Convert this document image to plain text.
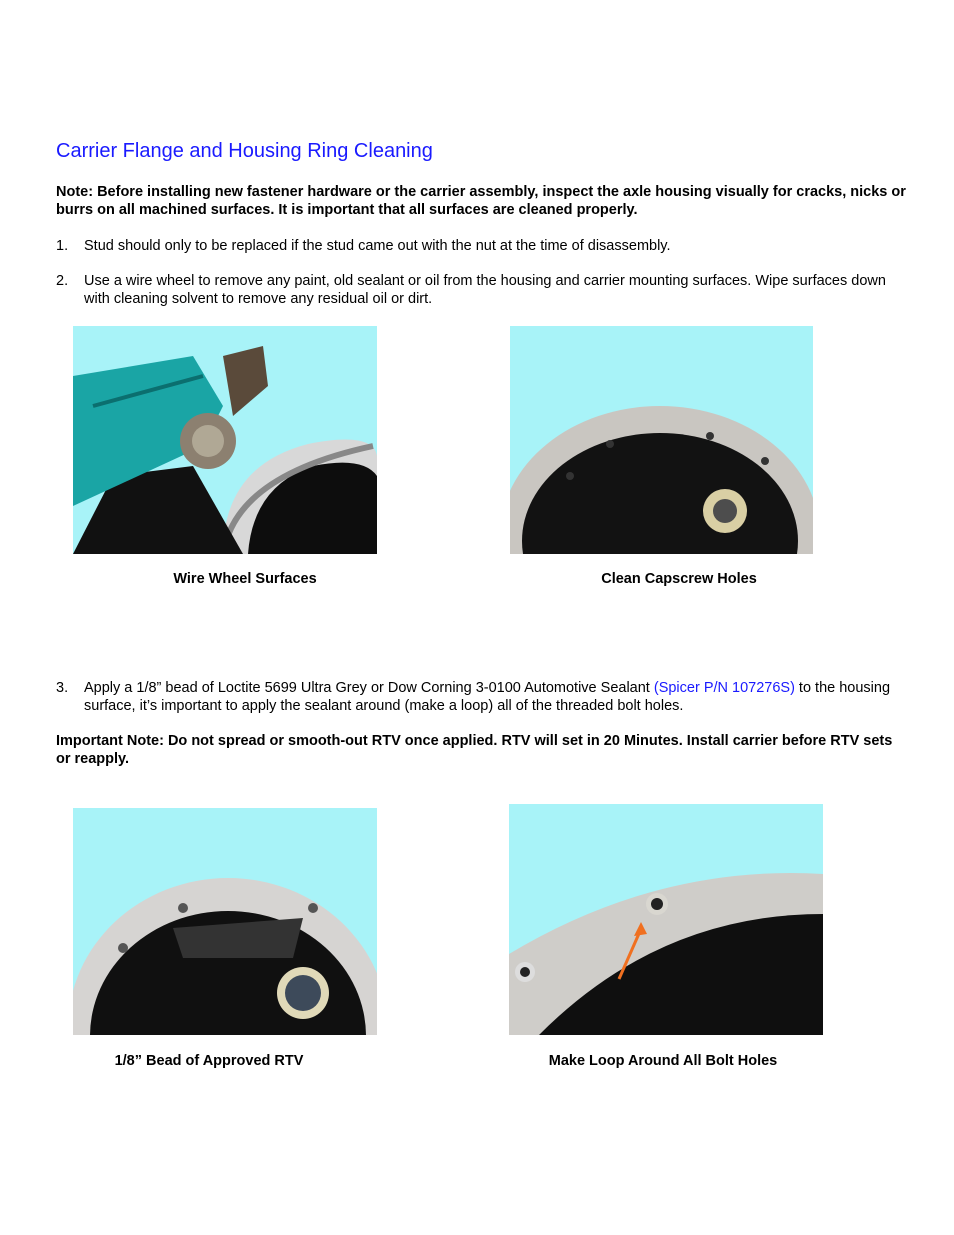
Carrier Flange and Housing Ring Cleaning
Note: Before installing new fastener hardware or the carrier assembly, inspect the axle housing visually for cracks, nicks or burrs on all machined surfaces. It is important that all surfaces are cleaned properly.
1. Stud should only to be replaced if the stud came out with the nut at the time of disassembly.
2. Use a wire wheel to remove any paint, old sealant or oil from the housing and carrier mounting surfaces. Wipe surfaces down with cleaning solvent to remove any residual oil or dirt.
Wire Wheel Surfaces	Clean Capscrew Holes
3. Apply a 1/8” bead of Loctite 5699 Ultra Grey or Dow Corning 3-0100 Automotive Sealant (Spicer P/N 107276S) to the housing surface, it’s important to apply the sealant around (make a loop) all of the threaded bolt holes.
Important Note: Do not spread or smooth-out RTV once applied. RTV will set in 20 Minutes. Install carrier before RTV sets or reapply.
1/8” Bead of Approved RTV	Make Loop Around All Bolt Holes
